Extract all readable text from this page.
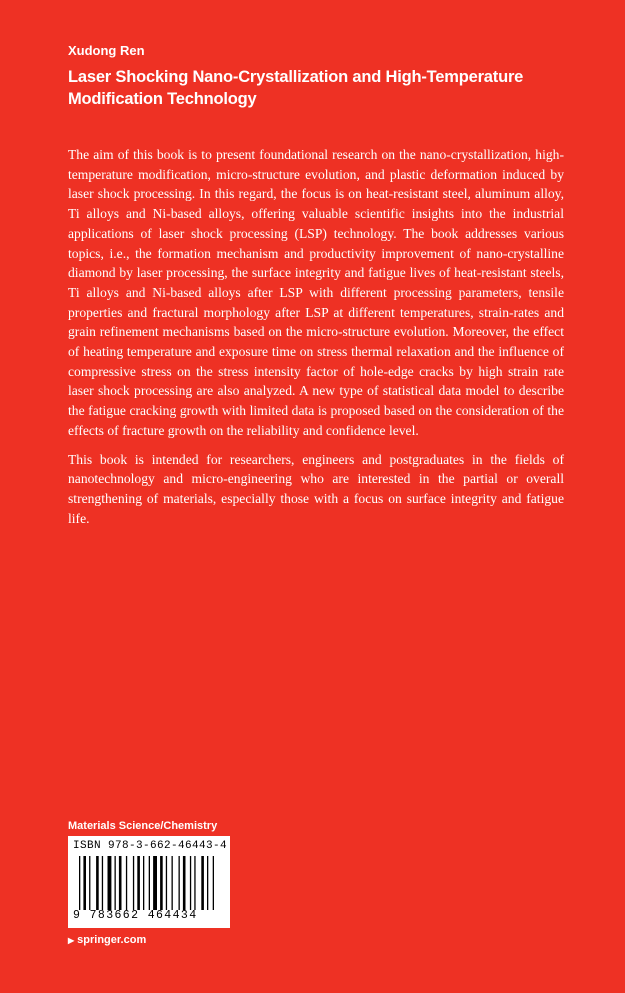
Xudong Ren
Laser Shocking Nano-Crystallization and High-Temperature
Modification Technology

The aim of this book is to present foundational research on the nano-crystallization, high-temperature modification, micro-structure evolution, and plastic deformation induced by laser shock processing. In this regard, the focus is on heat-resistant steel, aluminum alloy, Ti alloys and Ni-based alloys, offering valuable scientific insights into the industrial applications of laser shock processing (LSP) technology. The book addresses various topics, i.e., the formation mechanism and productivity improvement of nano-crystalline diamond by laser processing, the surface integrity and fatigue lives of heat-resistant steels, Ti alloys and Ni-based alloys after LSP with different processing parameters, tensile properties and fractural morphology after LSP at different temperatures, strain-rates and grain refinement mechanisms based on the micro-structure evolution. Moreover, the effect of heating temperature and exposure time on stress thermal relaxation and the influence of compressive stress on the stress intensity factor of hole-edge cracks by high strain rate laser shock processing are also analyzed. A new type of statistical data model to describe the fatigue cracking growth with limited data is proposed based on the consideration of the effects of fracture growth on the reliability and confidence level.

This book is intended for researchers, engineers and postgraduates in the fields of nanotechnology and micro-engineering who are interested in the partial or overall strengthening of materials, especially those with a focus on surface integrity and fatigue life.

Materials Science/Chemistry
ISBN 978-3-662-46443-4
9 783662 464434
▶ springer.com
